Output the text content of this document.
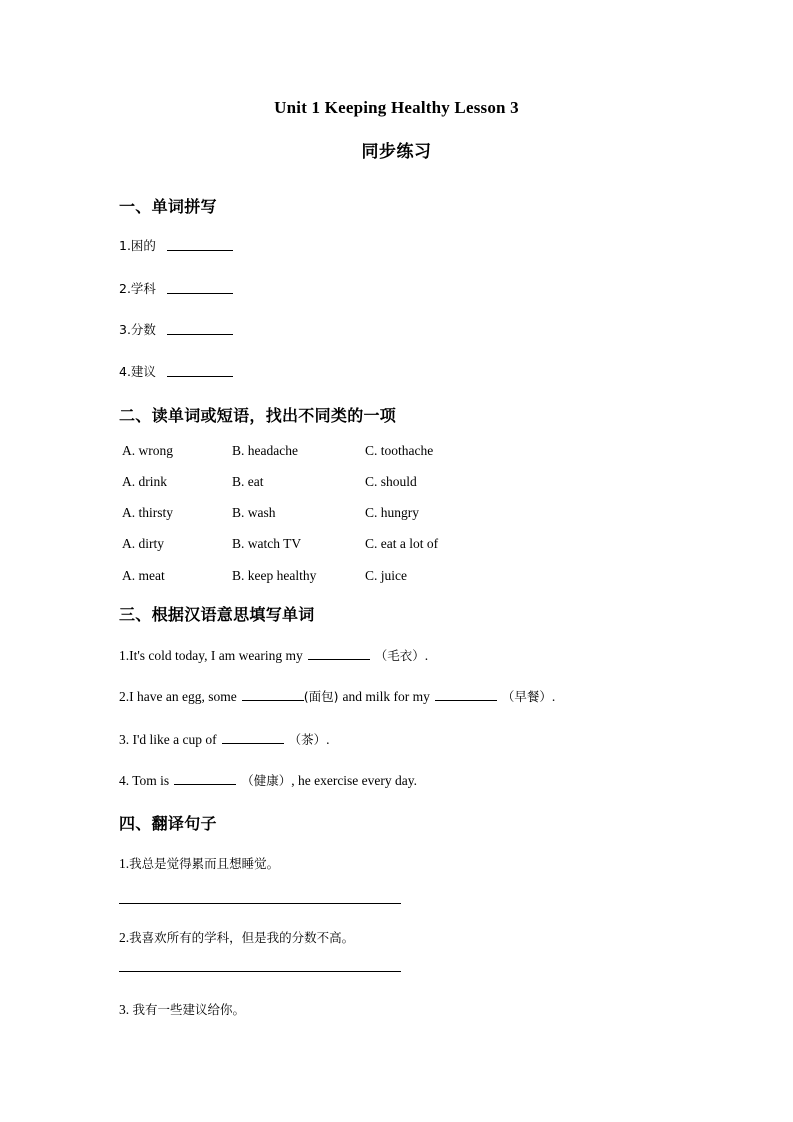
Unit 1 Keeping Healthy Lesson 3
同步练习
一、单词拼写
1.困的
2.学科
3.分数
4.建议
二、读单词或短语，找出不同类的一项
A. wrong	B. headache	C. toothache
A. drink	B. eat	C. should
A. thirsty	B. wash	C. hungry
A. dirty	B. watch TV	C. eat a lot of
A. meat	B. keep healthy	C. juice
三、根据汉语意思填写单词
1.It's cold today, I am wearing my	（毛衣） .
2.I have an egg, some	(面包) and milk for my	（早餐） .
3. I'd like a cup of	（茶） .
4. Tom is	（健康） , he exercise every day.
四、翻译句子
1.我总是觉得累而且想睡觉。
2.我喜欢所有的学科，但是我的分数不高。
3. 我有一些建议给你。
